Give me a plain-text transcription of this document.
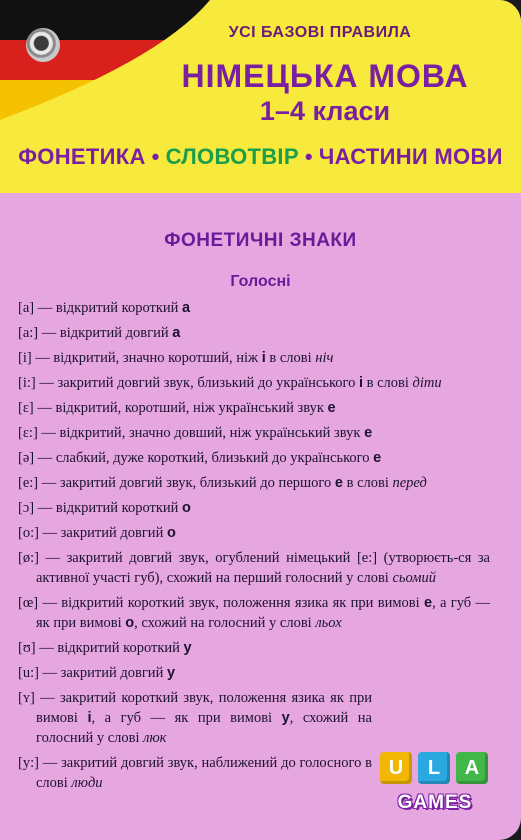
УСІ БАЗОВІ ПРАВИЛА
НІМЕЦЬКА МОВА
1–4 класи
ФОНЕТИКА • СЛОВОТВІР • ЧАСТИНИ МОВИ
ФОНЕТИЧНІ ЗНАКИ
Голосні
[a] — відкритий короткий а
[a:] — відкритий довгий а
[i] — відкритий, значно коротший, ніж і в слові ніч
[i:] — закритий довгий звук, близький до українського і в слові діти
[ɛ] — відкритий, коротший, ніж український звук е
[ɛ:] — відкритий, значно довший, ніж український звук е
[ə] — слабкий, дуже короткий, близький до українського е
[e:] — закритий довгий звук, близький до першого е в слові перед
[ɔ] — відкритий короткий о
[o:] — закритий довгий о
[ø:] — закритий довгий звук, огублений німецький [e:] (утворюєть-ся за активної участі губ), схожий на перший голосний у слові сьомий
[œ] — відкритий короткий звук, положення язика як при вимові е, а губ — як при вимові о, схожий на голосний у слові льох
[ʊ] — відкритий короткий у
[u:] — закритий довгий у
[ʏ] — закритий короткий звук, положення язика як при вимові і, а губ — як при вимові у, схожий на голосний у слові люк
[y:] — закритий довгий звук, наближений до голосного в слові люди
U	L	A
GAMES
